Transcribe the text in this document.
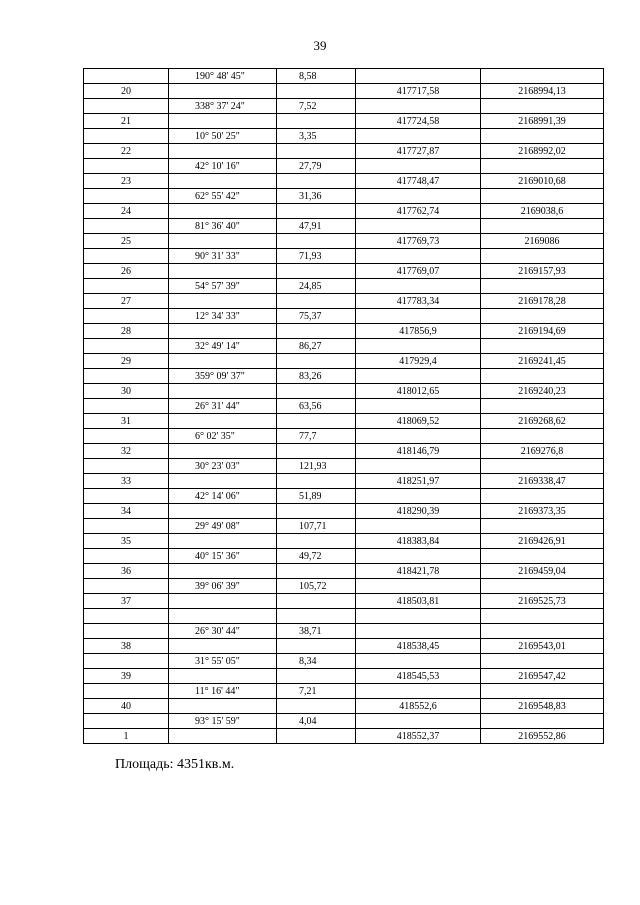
39
	190° 48' 45"	8,58		
20			417717,58	2168994,13
	338° 37' 24"	7,52		
21			417724,58	2168991,39
	10° 50' 25"	3,35		
22			417727,87	2168992,02
	42° 10' 16"	27,79		
23			417748,47	2169010,68
	62° 55' 42"	31,36		
24			417762,74	2169038,6
	81° 36' 40"	47,91		
25			417769,73	2169086
	90° 31' 33"	71,93		
26			417769,07	2169157,93
	54° 57' 39"	24,85		
27			417783,34	2169178,28
	12° 34' 33"	75,37		
28			417856,9	2169194,69
	32° 49' 14"	86,27		
29			417929,4	2169241,45
	359° 09' 37"	83,26		
30			418012,65	2169240,23
	26° 31' 44"	63,56		
31			418069,52	2169268,62
	6° 02' 35"	77,7		
32			418146,79	2169276,8
	30° 23' 03"	121,93		
33			418251,97	2169338,47
	42° 14' 06"	51,89		
34			418290,39	2169373,35
	29° 49' 08"	107,71		
35			418383,84	2169426,91
	40° 15' 36"	49,72		
36			418421,78	2169459,04
	39° 06' 39"	105,72		
37			418503,81	2169525,73

	26° 30' 44"	38,71		
38			418538,45	2169543,01
	31° 55' 05"	8,34		
39			418545,53	2169547,42
	11° 16' 44"	7,21		
40			418552,6	2169548,83
	93° 15' 59"	4,04		
1			418552,37	2169552,86
Площадь: 4351кв.м.
